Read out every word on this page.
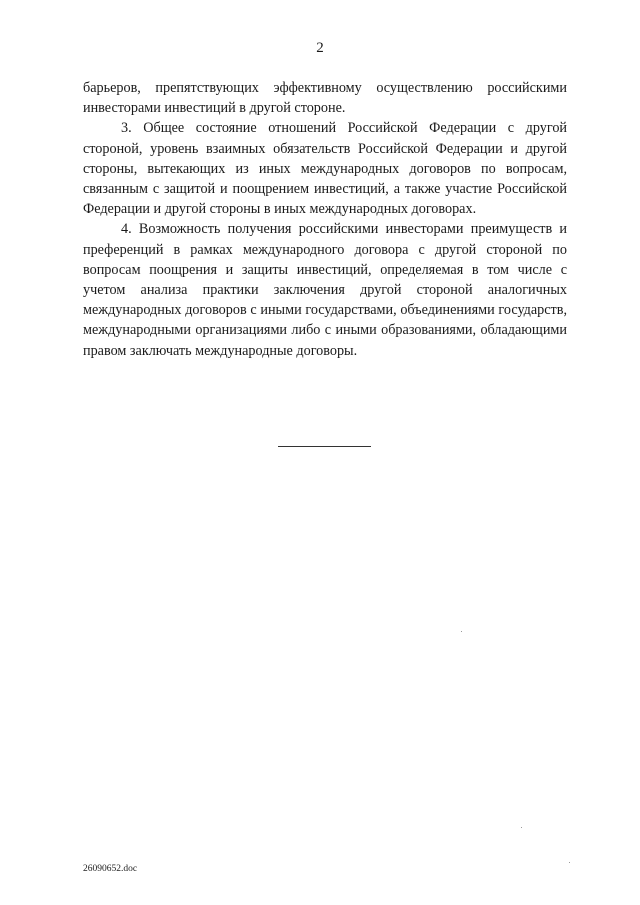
2

барьеров, препятствующих эффективному осуществлению российскими инвесторами инвестиций в другой стороне.

3. Общее состояние отношений Российской Федерации с другой стороной, уровень взаимных обязательств Российской Федерации и другой стороны, вытекающих из иных международных договоров по вопросам, связанным с защитой и поощрением инвестиций, а также участие Российской Федерации и другой стороны в иных международных договорах.

4. Возможность получения российскими инвесторами преимуществ и преференций в рамках международного договора с другой стороной по вопросам поощрения и защиты инвестиций, определяемая в том числе с учетом анализа практики заключения другой стороной аналогичных международных договоров с иными государствами, объединениями государств, международными организациями либо с иными образованиями, обладающими правом заключать международные договоры.

26090652.doc
